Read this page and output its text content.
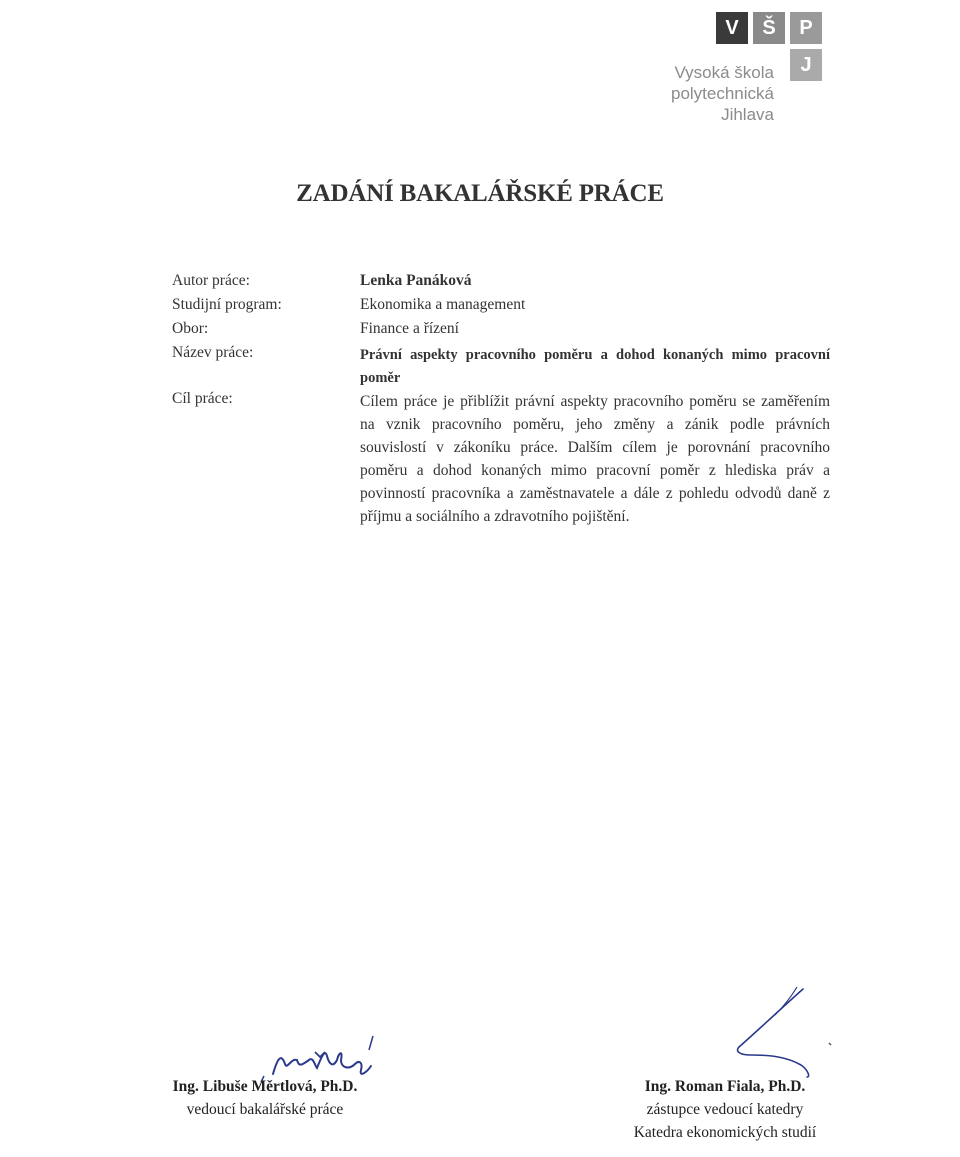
V	Š	P
J
Vysoká škola
polytechnická
Jihlava
ZADÁNÍ BAKALÁŘSKÉ PRÁCE
Autor práce:	Lenka Panáková
Studijní program:	Ekonomika a management
Obor:	Finance a řízení
Název práce:	Právní aspekty pracovního poměru a dohod konaných mimo pracovní poměr
Cíl práce:	Cílem práce je přiblížit právní aspekty pracovního poměru se zaměřením na vznik pracovního poměru, jeho změny a zánik podle právních souvislostí v zákoníku práce. Dalším cílem je porovnání pracovního poměru a dohod konaných mimo pracovní poměr z hlediska práv a povinností pracovníka a zaměstnavatele a dále z pohledu odvodů daně z příjmu a sociálního a zdravotního pojištění.
Ing. Libuše Měrtlová, Ph.D.
vedoucí bakalářské práce
Ing. Roman Fiala, Ph.D.
zástupce vedoucí katedry
Katedra ekonomických studií
